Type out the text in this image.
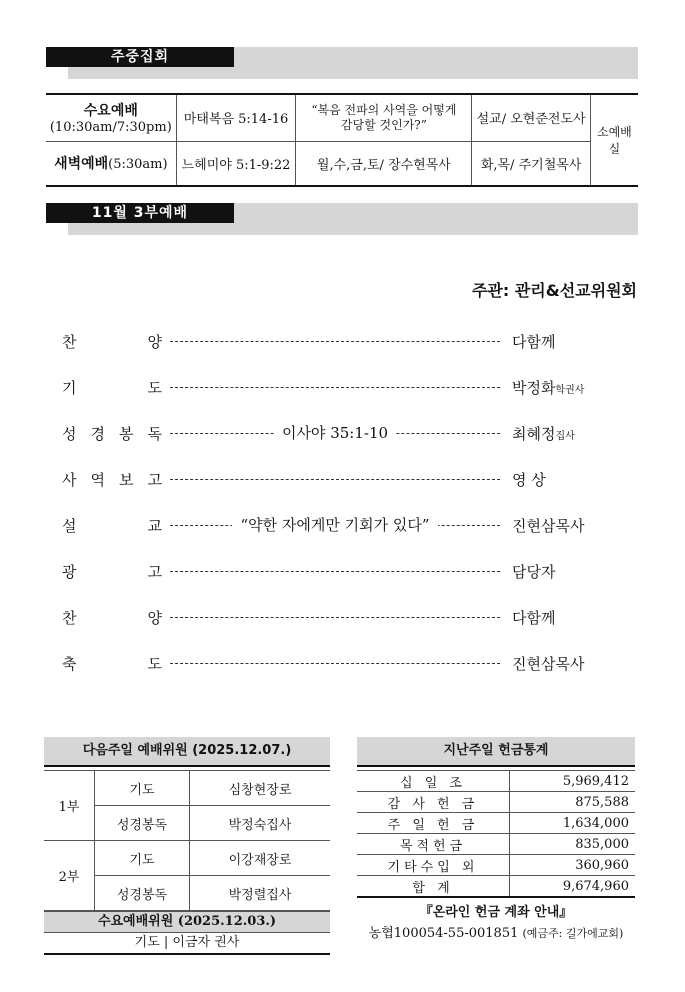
주중집회
수요예배
(10:30am/7:30pm)	마태복음 5:14-16	“복음 전파의 사역을 어떻게 감당할 것인가?”	설교/ 오현준전도사	소예배실
새벽예배(5:30am)	느헤미야 5:1-9:22	월,수,금,토/ 장수현목사	화,목/ 주기철목사	
11월 3부예배
주관: 관리&선교위원회
찬	양	다함께
기	도	박정화학권사
성 경 봉 독	이사야 35:1-10	최혜정집사
사 역 보 고	영 상
설	교	“약한 자에게만 기회가 있다”	진현삼목사
광	고	담당자
찬	양	다함께
축	도	진현삼목사
다음주일 예배위원 (2025.12.07.)
1부	기도	심창현장로
	성경봉독	박정숙집사
2부	기도	이강재장로
	성경봉독	박정렬집사
수요예배위원 (2025.12.03.)
기도 | 이금자 권사
지난주일 헌금통계
십 일 조	5,969,412
감 사 헌 금	875,588
주 일 헌 금	1,634,000
목적헌금	835,000
기타수입 외	360,960
합 계	9,674,960
『온라인 헌금 계좌 안내』
농협100054-55-001851 (예금주: 길가에교회)
